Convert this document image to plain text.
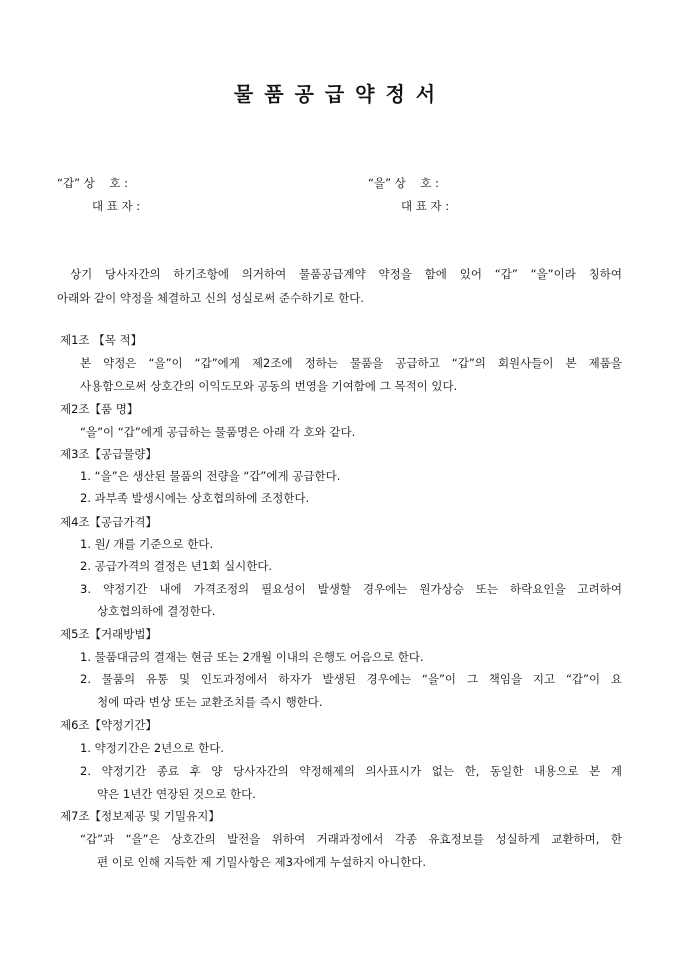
물품공급약정서
“갑” 상    호 :
대 표 자 :
“을” 상    호 :
대 표 자 :
상기 당사자간의 하기조항에 의거하여 물품공급계약 약정을 함에 있어 “갑” “을”이라 칭하여
아래와 같이 약정을 체결하고 신의 성실로써 준수하기로 한다.
제1조 【목 적】
본 약정은 “을”이 “갑”에게 제2조에 정하는 물품을 공급하고 “갑”의 회원사들이 본 제품을
사용함으로써 상호간의 이익도모와 공동의 번영을 기여함에 그 목적이 있다.
제2조【품 명】
“을”이 “갑”에게 공급하는 물품명은 아래 각 호와 같다.
제3조【공급물량】
1. “을”은 생산된 물품의 전량을 “갑”에게 공급한다.
2. 과부족 발생시에는 상호협의하에 조정한다.
제4조【공급가격】
1. 원/ 개를 기준으로 한다.
2. 공급가격의 결정은 년1회 실시한다.
3. 약정기간 내에 가격조정의 필요성이 발생할 경우에는 원가상승 또는 하락요인을 고려하여
상호협의하에 결정한다.
제5조【거래방법】
1. 물품대금의 결재는 현금 또는 2개월 이내의 은행도 어음으로 한다.
2. 물품의 유통 및 인도과정에서 하자가 발생된 경우에는 “을”이 그 책임을 지고 “갑”이 요
청에 따라 변상 또는 교환조치를 즉시 행한다.
제6조【약정기간】
1. 약정기간은 2년으로 한다.
2. 약정기간 종료 후 양 당사자간의 약정해제의 의사표시가 없는 한, 동일한 내용으로 본 계
약은 1년간 연장된 것으로 한다.
제7조【정보제공 및 기밀유지】
“갑”과 “을”은 상호간의 발전을 위하여 거래과정에서 각종 유효정보를 성실하게 교환하며, 한
편 이로 인해 지득한 제 기밀사항은 제3자에게 누설하지 아니한다.
